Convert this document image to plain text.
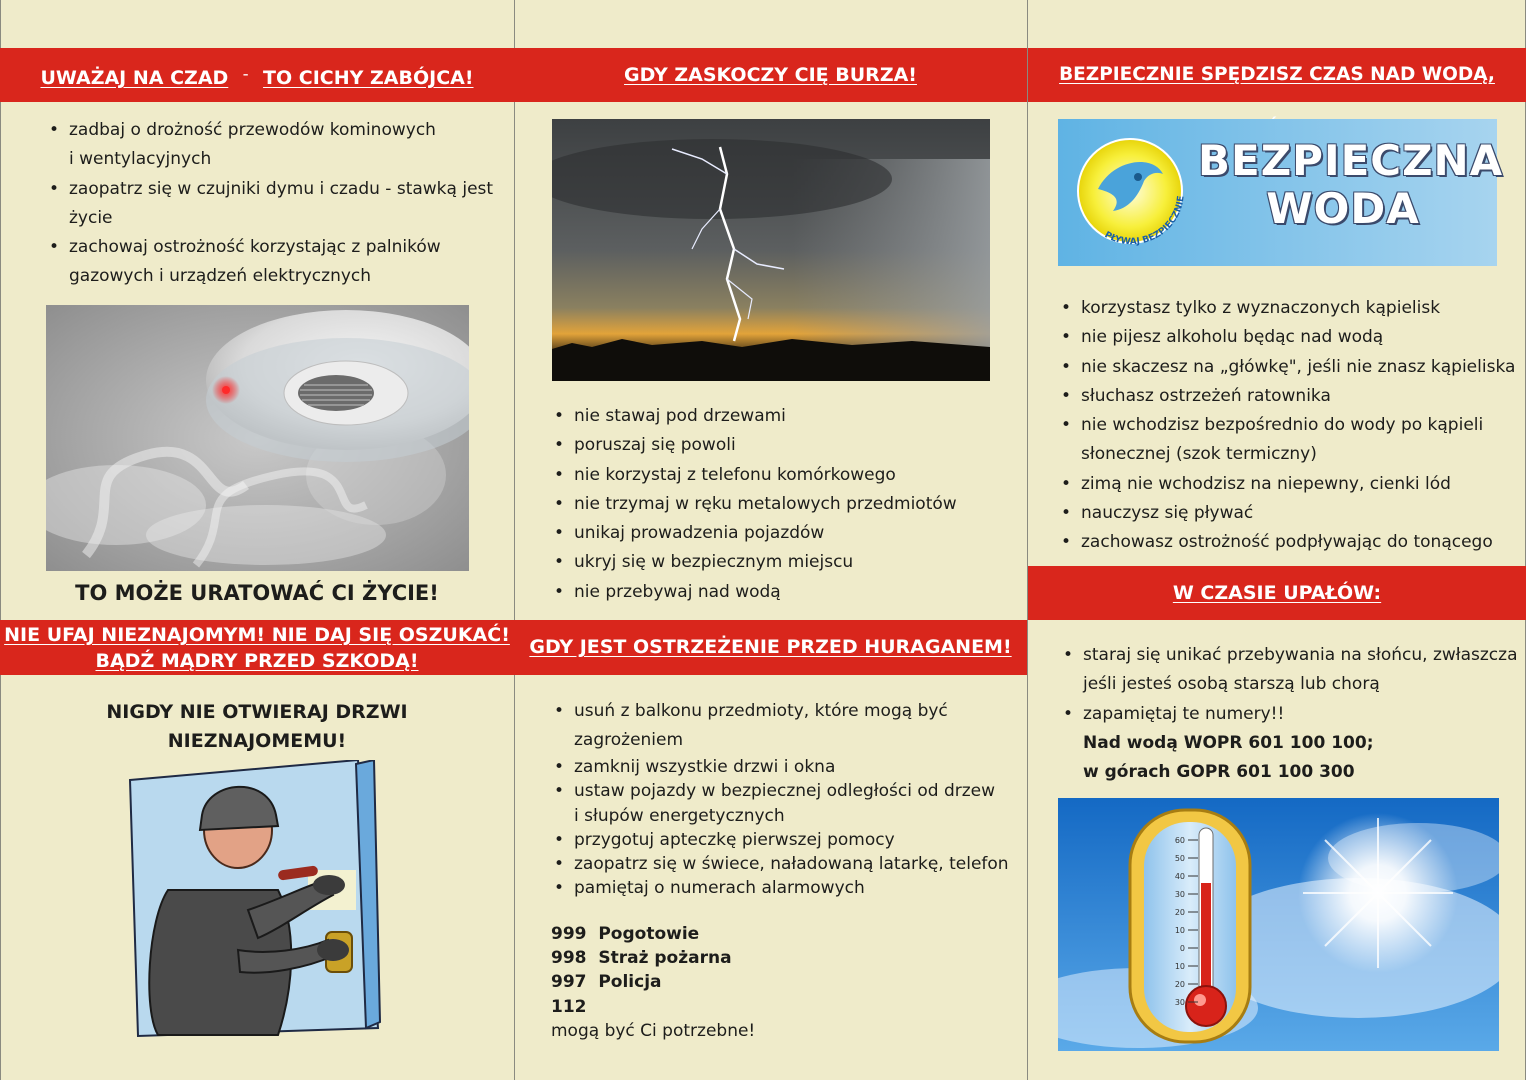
UWAŻAJ NA CZAD – TO CICHY ZABÓJCA!
• zadbaj o drożność przewodów kominowych
i wentylacyjnych
• zaopatrz się w czujniki dymu i czadu - stawką jest
życie
• zachowaj ostrożność korzystając z palników
gazowych i urządzeń elektrycznych
TO MOŻE URATOWAĆ CI ŻYCIE!
NIE UFAJ NIEZNAJOMYM! NIE DAJ SIĘ OSZUKAĆ!
BĄDŹ MĄDRY PRZED SZKODĄ!
NIGDY NIE OTWIERAJ DRZWI
NIEZNAJOMEMU!
GDY ZASKOCZY CIĘ BURZA!
• nie stawaj pod drzewami
• poruszaj się powoli
• nie korzystaj z telefonu komórkowego
• nie trzymaj w ręku metalowych przedmiotów
• unikaj prowadzenia pojazdów
• ukryj się w bezpiecznym miejscu
• nie przebywaj nad wodą
GDY JEST OSTRZEŻENIE PRZED HURAGANEM!
• usuń z balkonu przedmioty, które mogą być
zagrożeniem
• zamknij wszystkie drzwi i okna
• ustaw pojazdy w bezpiecznej odległości od drzew
i słupów energetycznych
• przygotuj apteczkę pierwszej pomocy
• zaopatrz się w świece, naładowaną latarkę, telefon
• pamiętaj o numerach alarmowych
999 Pogotowie
998 Straż pożarna
997 Policja
112
mogą być Ci potrzebne!
BEZPIECZNIE SPĘDZISZ CZAS NAD WODĄ,
PŁYWAJ BEZPIECZNIE
BEZPIECZNA
WODA
• korzystasz tylko z wyznaczonych kąpielisk
• nie pijesz alkoholu będąc nad wodą
• nie skaczesz na „główkę", jeśli nie znasz kąpieliska
• słuchasz ostrzeżeń ratownika
• nie wchodzisz bezpośrednio do wody po kąpieli
słonecznej (szok termiczny)
• zimą nie wchodzisz na niepewny, cienki lód
• nauczysz się pływać
• zachowasz ostrożność podpływając do tonącego
W CZASIE UPAŁÓW:
• staraj się unikać przebywania na słońcu, zwłaszcza
jeśli jesteś osobą starszą lub chorą
• zapamiętaj te numery!!
Nad wodą WOPR 601 100 100;
w górach GOPR 601 100 300
60
50
40
30
20
10
0
10
20
30
